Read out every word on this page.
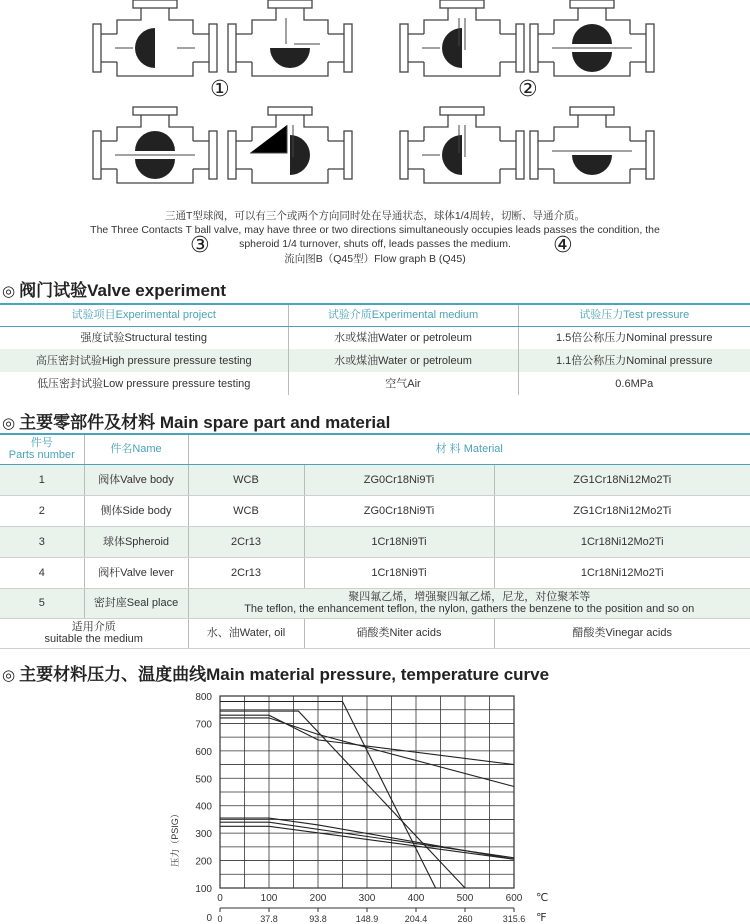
①	②
③	④
三通T型球阀，可以有三个或两个方向同时处在导通状态，球体1/4周转，切断、导通介质。
The Three Contacts T ball valve, may have three or two directions simultaneously occupies leads passes the condition, the
spheroid 1/4 turnover, shuts off, leads passes the medium.
流向图B（Q45型）Flow graph B (Q45)
◎ 阀门试验Valve experiment
试验项目Experimental project	试验介质Experimental medium	试验压力Test pressure
强度试验Structural testing	水或煤油Water or petroleum	1.5倍公称压力Nominal pressure
高压密封试验High pressure pressure testing	水或煤油Water or petroleum	1.1倍公称压力Nominal pressure
低压密封试验Low pressure pressure testing	空气Air	0.6MPa
◎ 主要零部件及材料 Main spare part and material
件号
Parts number	件名Name	材 料 Material		
1	阀体Valve body	WCB	ZG0Cr18Ni9Ti	ZG1Cr18Ni12Mo2Ti
2	侧体Side body	WCB	ZG0Cr18Ni9Ti	ZG1Cr18Ni12Mo2Ti
3	球体Spheroid	2Cr13	1Cr18Ni9Ti	1Cr18Ni12Mo2Ti
4	阀杆Valve lever	2Cr13	1Cr18Ni9Ti	1Cr18Ni12Mo2Ti
5	密封座Seal place	聚四氟乙烯，增强聚四氟乙烯，尼龙，对位聚苯等
The teflon, the enhancement teflon, the nylon, gathers the benzene to the position and so on		

适用介质
suitable the medium		水、油Water, oil	硝酸类Niter acids	醋酸类Vinegar acids
◎ 主要材料压力、温度曲线Main material pressure, temperature curve
0
100
200
300
400
500
600
700
800
0	100	200	300	400	500	600
0	37.8	93.8	148.9	204.4	260	315.6
压力（PSIG）
℃
℉
